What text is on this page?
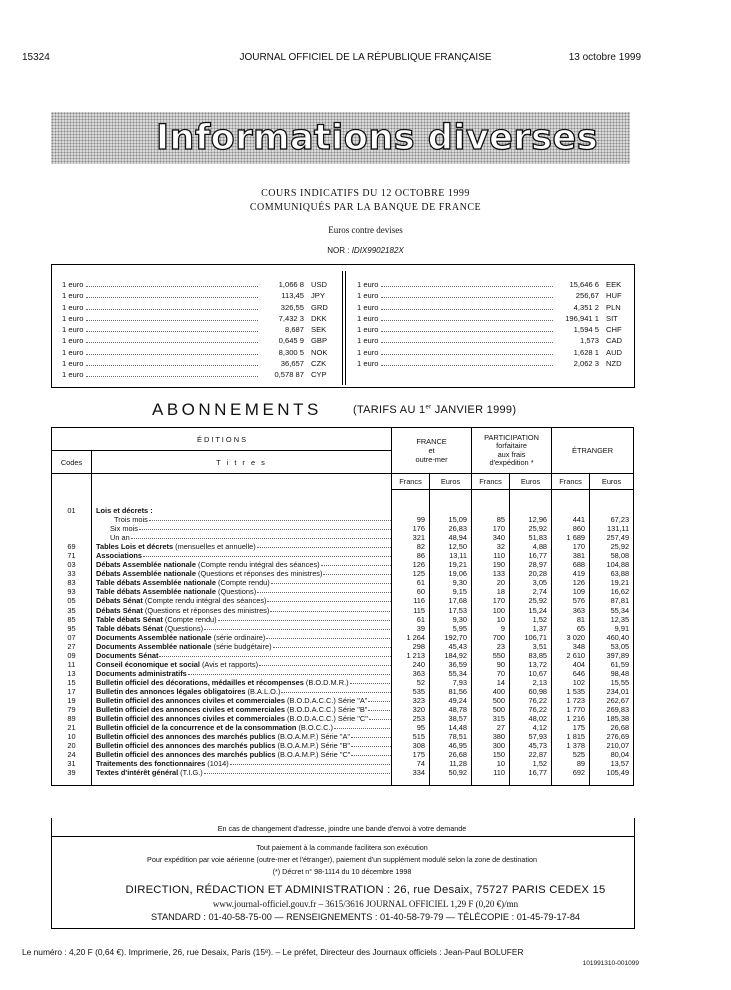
15324	JOURNAL OFFICIEL DE LA RÉPUBLIQUE FRANÇAISE	13 octobre 1999
Informations diverses
COURS INDICATIFS DU 12 OCTOBRE 1999
COMMUNIQUÉS PAR LA BANQUE DE FRANCE
Euros contre devises
NOR : IDIX9902182X
1 euro	1,066 8 USD
1 euro	113,45 JPY
1 euro	326,55 GRD
1 euro	7,432 3 DKK
1 euro	8,687 SEK
1 euro	0,645 9 GBP
1 euro	8,300 5 NOK
1 euro	36,657 CZK
1 euro	0,578 87 CYP
1 euro	15,646 6 EEK
1 euro	256,67 HUF
1 euro	4,351 2 PLN
1 euro	196,941 1 SIT
1 euro	1,594 5 CHF
1 euro	1,573 CAD
1 euro	1,628 1 AUD
1 euro	2,062 3 NZD
ABONNEMENTS	(TARIFS AU 1er JANVIER 1999)
É D I T I O N S		FRANCE
et
outre-mer		PARTICIPATION
forfaitaire
aux frais
d'expédition *		ÉTRANGER	
Codes	T i t r e s						
		Francs	Euros	Francs	Euros	Francs	Euros

01	Lois et décrets :						
	Trois mois	99	15,09	85	12,96	441	67,23
	Six mois	176	26,83	170	25,92	860	131,11
	Un an	321	48,94	340	51,83	1 689	257,49
69	Tables Lois et décrets (mensuelles et annuelle)	82	12,50	32	4,88	170	25,92
71	Associations	86	13,11	110	16,77	381	58,08
03	Débats Assemblée nationale (Compte rendu intégral des séances)	126	19,21	190	28,97	688	104,88
33	Débats Assemblée nationale (Questions et réponses des ministres)	125	19,06	133	20,28	419	63,88
83	Table débats Assemblée nationale (Compte rendu)	61	9,30	20	3,05	126	19,21
93	Table débats Assemblée nationale (Questions)	60	9,15	18	2,74	109	16,62
05	Débats Sénat (Compte rendu intégral des séances)	116	17,68	170	25,92	576	87,81
35	Débats Sénat (Questions et réponses des ministres)	115	17,53	100	15,24	363	55,34
85	Table débats Sénat (Compte rendu)	61	9,30	10	1,52	81	12,35
95	Table débats Sénat (Questions)	39	5,95	9	1,37	65	9,91
07	Documents Assemblée nationale (série ordinaire)	1 264	192,70	700	106,71	3 020	460,40
27	Documents Assemblée nationale (série budgétaire)	298	45,43	23	3,51	348	53,05
09	Documents Sénat	1 213	184,92	550	83,85	2 610	397,89
11	Conseil économique et social (Avis et rapports)	240	36,59	90	13,72	404	61,59
13	Documents administratifs	363	55,34	70	10,67	646	98,48
15	Bulletin officiel des décorations, médailles et récompenses (B.O.D.M.R.)	52	7,93	14	2,13	102	15,55
17	Bulletin des annonces légales obligatoires (B.A.L.O.)	535	81,56	400	60,98	1 535	234,01
19	Bulletin officiel des annonces civiles et commerciales (B.O.D.A.C.C.) Série "A"	323	49,24	500	76,22	1 723	262,67
79	Bulletin officiel des annonces civiles et commerciales (B.O.D.A.C.C.) Série "B"	320	48,78	500	76,22	1 770	269,83
89	Bulletin officiel des annonces civiles et commerciales (B.O.D.A.C.C.) Série "C"	253	38,57	315	48,02	1 216	185,38
21	Bulletin officiel de la concurrence et de la consommation (B.O.C.C.)	95	14,48	27	4,12	175	26,68
10	Bulletin officiel des annonces des marchés publics (B.O.A.M.P.) Série "A"	515	78,51	380	57,93	1 815	276,69
20	Bulletin officiel des annonces des marchés publics (B.O.A.M.P.) Série "B"	308	46,95	300	45,73	1 378	210,07
24	Bulletin officiel des annonces des marchés publics (B.O.A.M.P.) Série "C"	175	26,68	150	22,87	525	80,04
31	Traitements des fonctionnaires (1014)	74	11,28	10	1,52	89	13,57
39	Textes d'intérêt général (T.I.G.)	334	50,92	110	16,77	692	105,49

En cas de changement d'adresse, joindre une bande d'envoi à votre demande
Tout paiement à la commande facilitera son exécution
Pour expédition par voie aérienne (outre-mer et l'étranger), paiement d'un supplément modulé selon la zone de destination
(*) Décret n° 98-1114 du 10 décembre 1998
DIRECTION, RÉDACTION ET ADMINISTRATION : 26, rue Desaix, 75727 PARIS CEDEX 15
www.journal-officiel.gouv.fr – 3615/3616 JOURNAL OFFICIEL 1,29 F (0,20 €)/mn
STANDARD : 01-40-58-75-00 — RENSEIGNEMENTS : 01-40-58-79-79 — TÉLÉCOPIE : 01-45-79-17-84
Le numéro : 4,20 F (0,64 €). Imprimerie, 26, rue Desaix, Paris (15ᵉ). – Le préfet, Directeur des Journaux officiels : Jean-Paul BOLUFER
101991310-001099
